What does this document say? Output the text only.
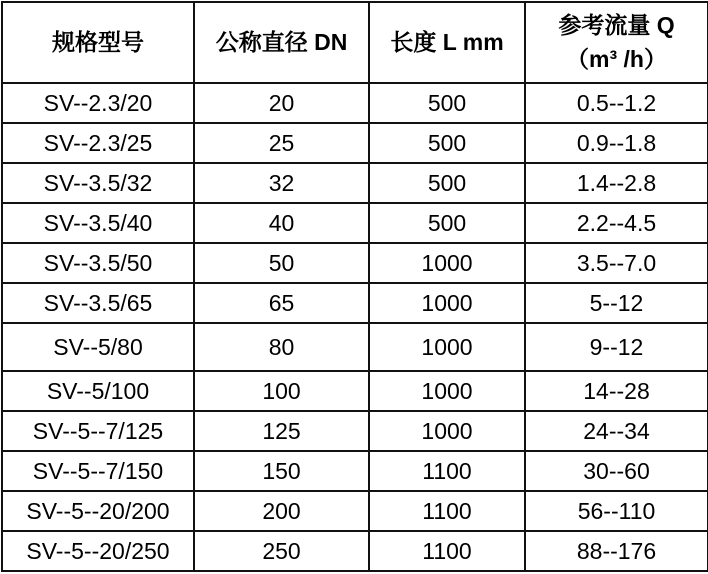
规格型号	公称直径 DN	长度 L mm	参考流量 Q
（m³ /h）

SV--2.3/20	20	500	0.5--1.2
SV--2.3/25	25	500	0.9--1.8
SV--3.5/32	32	500	1.4--2.8
SV--3.5/40	40	500	2.2--4.5
SV--3.5/50	50	1000	3.5--7.0
SV--3.5/65	65	1000	5--12
SV--5/80	80	1000	9--12
SV--5/100	100	1000	14--28
SV--5--7/125	125	1000	24--34
SV--5--7/150	150	1100	30--60
SV--5--20/200	200	1100	56--110
SV--5--20/250	250	1100	88--176
